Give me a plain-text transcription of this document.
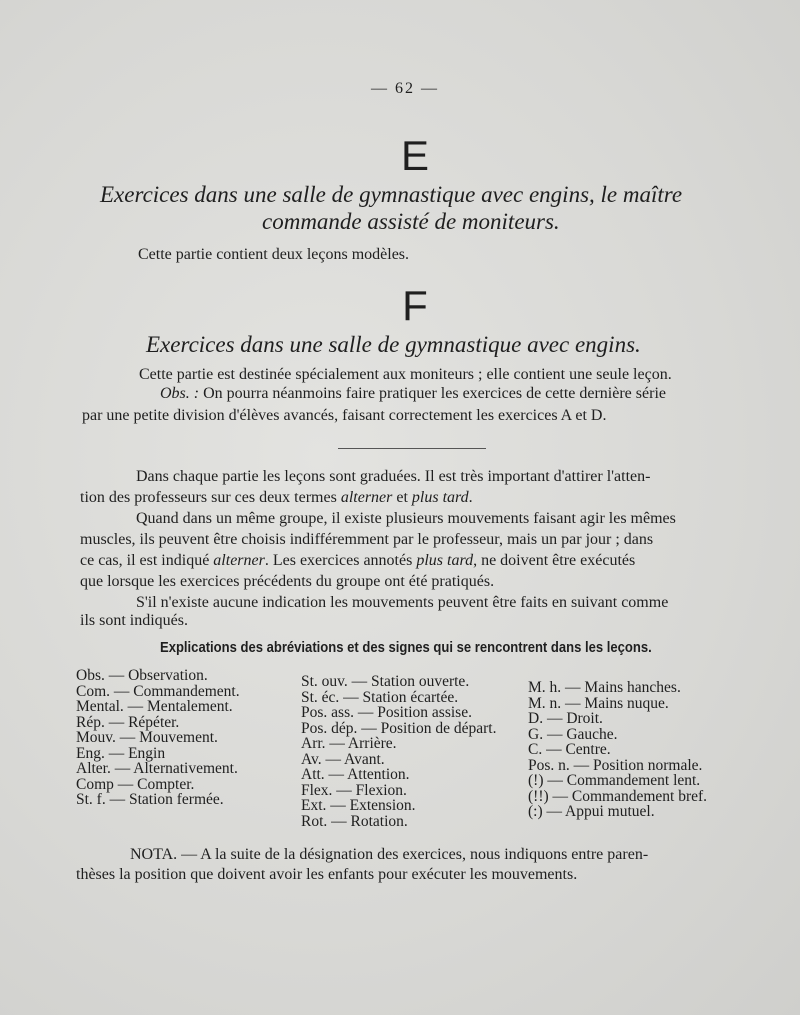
— 62 —
E
Exercices dans une salle de gymnastique avec engins, le maître
commande assisté de moniteurs.
Cette partie contient deux leçons modèles.
F
Exercices dans une salle de gymnastique avec engins.
Cette partie est destinée spécialement aux moniteurs ; elle contient une seule leçon.
Obs. : On pourra néanmoins faire pratiquer les exercices de cette dernière série
par une petite division d'élèves avancés, faisant correctement les exercices A et D.
Dans chaque partie les leçons sont graduées. Il est très important d'attirer l'atten-
tion des professeurs sur ces deux termes alterner et plus tard.
Quand dans un même groupe, il existe plusieurs mouvements faisant agir les mêmes
muscles, ils peuvent être choisis indifféremment par le professeur, mais un par jour ; dans
ce cas, il est indiqué alterner. Les exercices annotés plus tard, ne doivent être exécutés
que lorsque les exercices précédents du groupe ont été pratiqués.
S'il n'existe aucune indication les mouvements peuvent être faits en suivant comme
ils sont indiqués.
Explications des abréviations et des signes qui se rencontrent dans les leçons.
Obs. — Observation.
Com. — Commandement.
Mental. — Mentalement.
Rép. — Répéter.
Mouv. — Mouvement.
Eng. — Engin
Alter. — Alternativement.
Comp — Compter.
St. f. — Station fermée.
St. ouv. — Station ouverte.
St. éc. — Station écartée.
Pos. ass. — Position assise.
Pos. dép. — Position de départ.
Arr. — Arrière.
Av. — Avant.
Att. — Attention.
Flex. — Flexion.
Ext. — Extension.
Rot. — Rotation.
M. h. — Mains hanches.
M. n. — Mains nuque.
D. — Droit.
G. — Gauche.
C. — Centre.
Pos. n. — Position normale.
(!) — Commandement lent.
(!!) — Commandement bref.
(:) — Appui mutuel.
NOTA. — A la suite de la désignation des exercices, nous indiquons entre paren-
thèses la position que doivent avoir les enfants pour exécuter les mouvements.
